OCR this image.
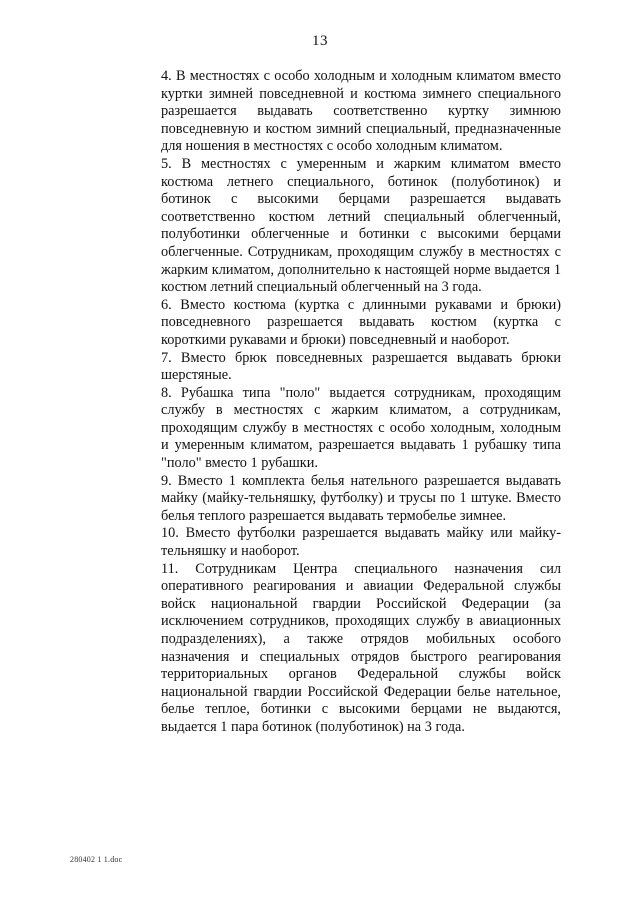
13

4. В местностях с особо холодным и холодным климатом вместо куртки зимней повседневной и костюма зимнего специального разрешается выдавать соответственно куртку зимнюю повседневную и костюм зимний специальный, предназначенные для ношения в местностях с особо холодным климатом.

5. В местностях с умеренным и жарким климатом вместо костюма летнего специального, ботинок (полуботинок) и ботинок с высокими берцами разрешается выдавать соответственно костюм летний специальный облегченный, полуботинки облегченные и ботинки с высокими берцами облегченные. Сотрудникам, проходящим службу в местностях с жарким климатом, дополнительно к настоящей норме выдается 1 костюм летний специальный облегченный на 3 года.

6. Вместо костюма (куртка с длинными рукавами и брюки) повседневного разрешается выдавать костюм (куртка с короткими рукавами и брюки) повседневный и наоборот.

7. Вместо брюк повседневных разрешается выдавать брюки шерстяные.

8. Рубашка типа "поло" выдается сотрудникам, проходящим службу в местностях с жарким климатом, а сотрудникам, проходящим службу в местностях с особо холодным, холодным и умеренным климатом, разрешается выдавать 1 рубашку типа "поло" вместо 1 рубашки.

9. Вместо 1 комплекта белья нательного разрешается выдавать майку (майку-тельняшку, футболку) и трусы по 1 штуке. Вместо белья теплого разрешается выдавать термобелье зимнее.

10. Вместо футболки разрешается выдавать майку или майку-тельняшку и наоборот.

11. Сотрудникам Центра специального назначения сил оперативного реагирования и авиации Федеральной службы войск национальной гвардии Российской Федерации (за исключением сотрудников, проходящих службу в авиационных подразделениях), а также отрядов мобильных особого назначения и специальных отрядов быстрого реагирования территориальных органов Федеральной службы войск национальной гвардии Российской Федерации белье нательное, белье теплое, ботинки с высокими берцами не выдаются, выдается 1 пара ботинок (полуботинок) на 3 года.

280402 1 1.doc
